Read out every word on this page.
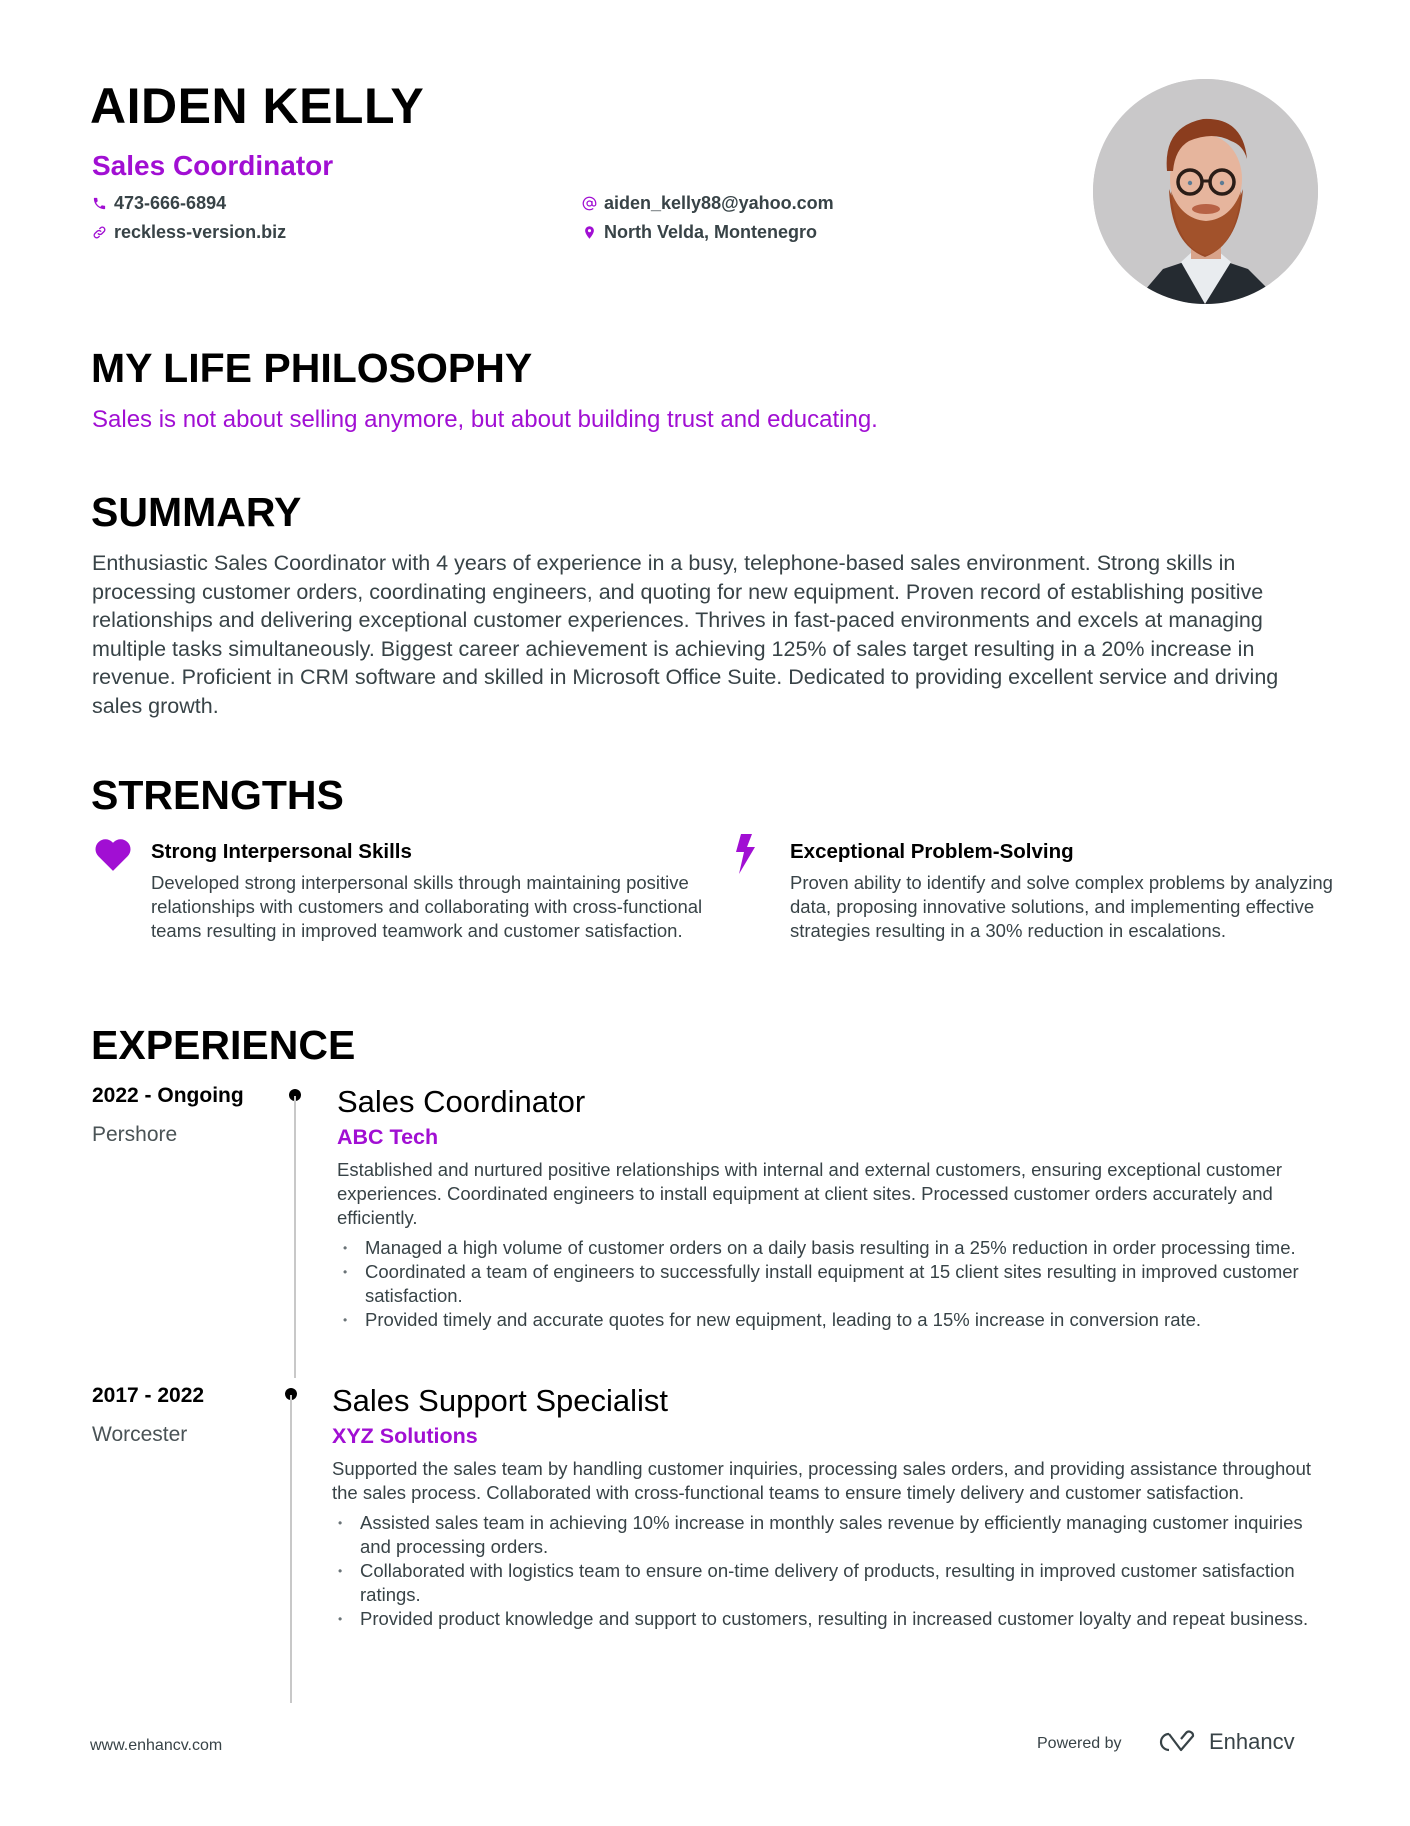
AIDEN KELLY
Sales Coordinator
473-666-6894
reckless-version.biz
aiden_kelly88@yahoo.com
North Velda, Montenegro
MY LIFE PHILOSOPHY
Sales is not about selling anymore, but about building trust and educating.
SUMMARY

Enthusiastic Sales Coordinator with 4 years of experience in a busy, telephone-based sales environment. Strong skills in processing customer orders, coordinating engineers, and quoting for new equipment. Proven record of establishing positive relationships and delivering exceptional customer experiences. Thrives in fast-paced environments and excels at managing multiple tasks simultaneously. Biggest career achievement is achieving 125% of sales target resulting in a 20% increase in revenue. Proficient in CRM software and skilled in Microsoft Office Suite. Dedicated to providing excellent service and driving sales growth.

STRENGTHS
Strong Interpersonal Skills
Developed strong interpersonal skills through maintaining positive relationships with customers and collaborating with cross-functional teams resulting in improved teamwork and customer satisfaction.
Exceptional Problem-Solving
Proven ability to identify and solve complex problems by analyzing data, proposing innovative solutions, and implementing effective strategies resulting in a 30% reduction in escalations.
EXPERIENCE
2022 - Ongoing
Pershore
Sales Coordinator
ABC Tech
Established and nurtured positive relationships with internal and external customers, ensuring exceptional customer experiences. Coordinated engineers to install equipment at client sites. Processed customer orders accurately and efficiently.
• Managed a high volume of customer orders on a daily basis resulting in a 25% reduction in order processing time.
• Coordinated a team of engineers to successfully install equipment at 15 client sites resulting in improved customer satisfaction.
• Provided timely and accurate quotes for new equipment, leading to a 15% increase in conversion rate.
2017 - 2022
Worcester
Sales Support Specialist
XYZ Solutions
Supported the sales team by handling customer inquiries, processing sales orders, and providing assistance throughout the sales process. Collaborated with cross-functional teams to ensure timely delivery and customer satisfaction.
• Assisted sales team in achieving 10% increase in monthly sales revenue by efficiently managing customer inquiries and processing orders.
• Collaborated with logistics team to ensure on-time delivery of products, resulting in improved customer satisfaction ratings.
• Provided product knowledge and support to customers, resulting in increased customer loyalty and repeat business.
www.enhancv.com	Powered by	Enhancv
